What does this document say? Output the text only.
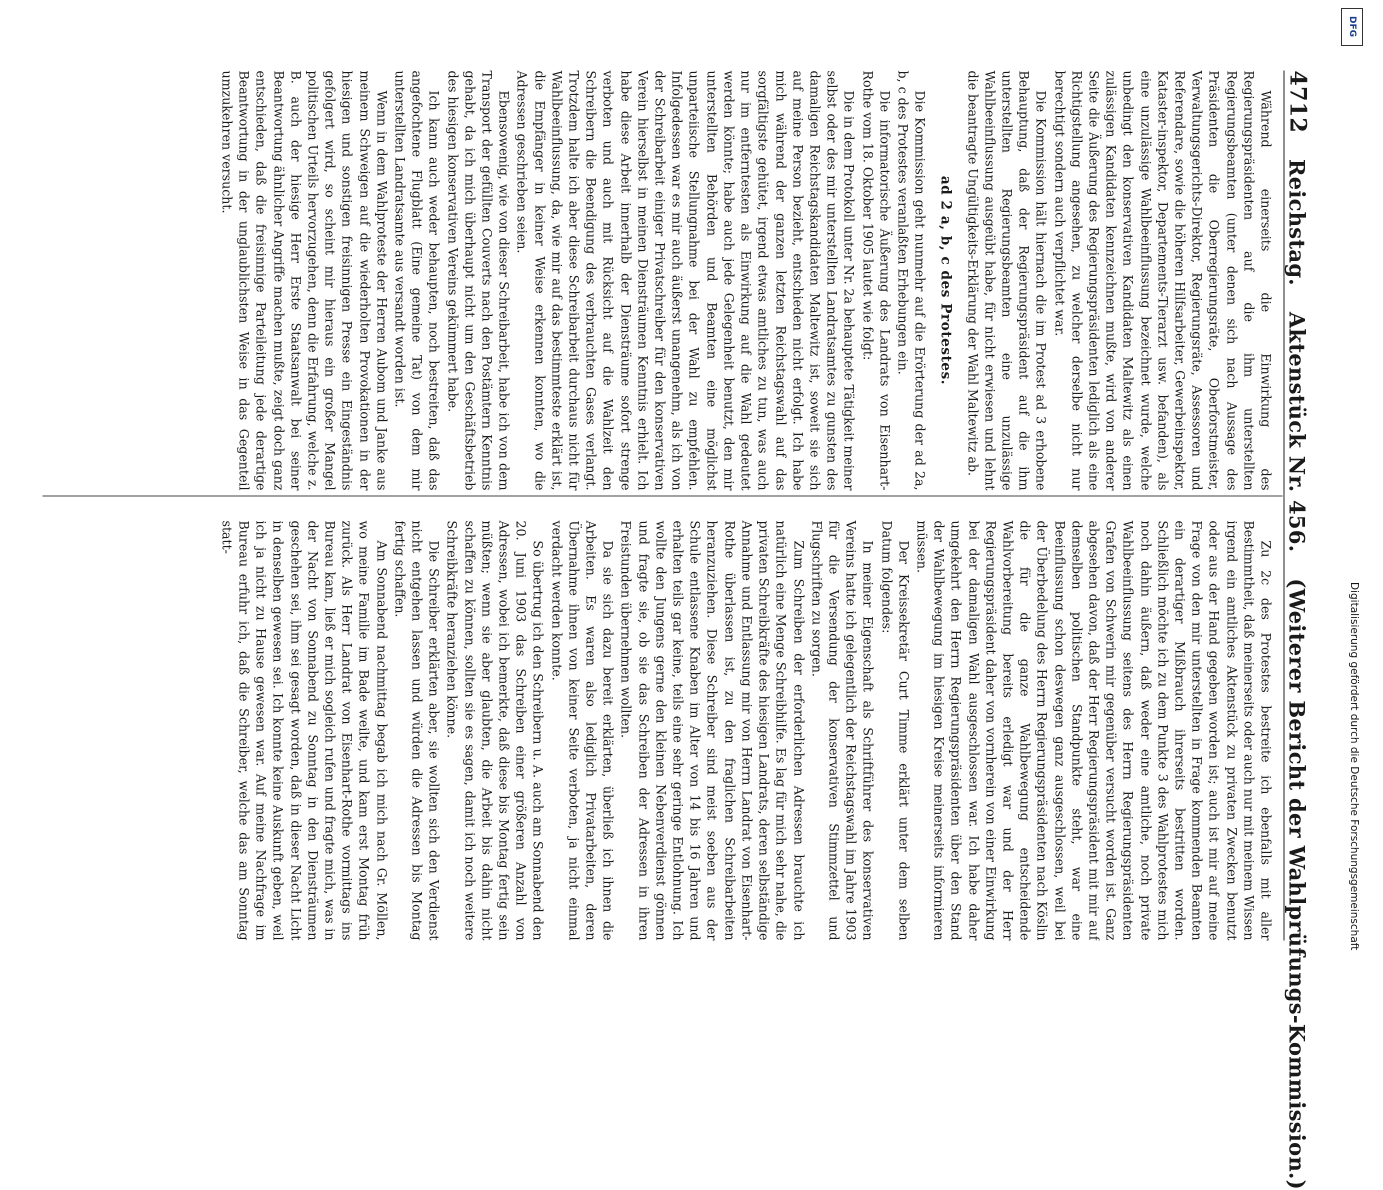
4712
Reichstag.
Aktenstück Nr. 456.
(Weiterer Bericht der Wahlprüfungs-Kommission.)

Während einerseits die Einwirkung des Regierungspräsidenten auf die ihm unterstellten Regierungsbeamten (unter denen sich nach Aussage des Präsidenten die Oberregierungsräte, Oberforstmeister, Verwaltungsgerichts-Direktor, Regierungsräte, Assessoren und Referendare, sowie die höheren Hilfsarbeiter, Gewerbeinspektor, Kataster-inspektor, Departements-Tierarzt usw. befanden), als eine unzulässige Wahlbeeinflussung bezeichnet wurde, welche unbedingt den konservativen Kandidaten Maltewitz als einen zulässigen Kandidaten kennzeichnen mußte, wird von anderer Seite die Äußerung des Regierungspräsidenten lediglich als eine Richtigstellung angesehen, zu welcher derselbe nicht nur berechtigt sondern auch verpflichtet war.

Die Kommission hält hiernach die im Protest ad 3 erhobene Behauptung, daß der Regierungspräsident auf die ihm unterstellten Regierungsbeamten eine unzulässige Wahlbeeinflussung ausgeübt habe, für nicht erwiesen und lehnt die beantragte Ungültigkeits-Erklärung der Wahl Maltewitz ab.

ad 2 a, b, c des Protestes.

Die Kommission geht nunmehr auf die Erörterung der ad 2a, b, c des Protestes veranlaßten Erhebungen ein.

Die informatorische Äußerung des Landrats von Eisenhart-Rothe vom 18. Oktober 1905 lautet wie folgt:

Die in dem Protokoll unter Nr. 2a behauptete Tätigkeit meiner selbst oder des mir unterstellten Landratsamtes zu gunsten des damaligen Reichstagskandidaten Maltewitz ist, soweit sie sich auf meine Person bezieht, entschieden nicht erfolgt. Ich habe mich während der ganzen letzten Reichstagswahl auf das sorgfältigste gehütet, irgend etwas amtliches zu tun, was auch nur im entferntesten als Einwirkung auf die Wahl gedeutet werden könnte; habe auch jede Gelegenheit benutzt, den mir unterstellten Behörden und Beamten eine möglichst unparteiische Stellungnahme bei der Wahl zu empfehlen. Infolgedessen war es mir auch äußerst unangenehm, als ich von der Schreibarbeit einiger Privatschreiber für den konservativen Verein hierselbst in meinen Diensträumen Kenntnis erhielt. Ich habe diese Arbeit innerhalb der Diensträume sofort strenge verboten und auch mit Rücksicht auf die Wahlzeit den Schreibern die Beendigung des verbrauchten Gases verlangt. Trotzdem halte ich aber diese Schreibarbeit durchaus nicht für Wahlbeeinflussung, da, wie mir auf das bestimmteste erklärt ist, die Empfänger in keiner Weise erkennen konnten, wo die Adressen geschrieben seien.

Ebensowenig, wie von dieser Schreibarbeit, habe ich von dem Transport der gefüllten Couverts nach den Postämtern Kenntnis gehabt, da ich mich überhaupt nicht um den Geschäftsbetrieb des hiesigen konservativen Vereins gekümmert habe.

Ich kann auch weder behaupten, noch bestreiten, daß das angefochtene Flugblatt (Eine gemeine Tat) von dem mir unterstellten Landratsamte aus versandt worden ist.

Wenn in dem Wahlproteste der Herren Aubom und Janke aus meinem Schweigen auf die wiederholten Provokationen in der hiesigen und sonstigen freisinnigen Presse ein Eingeständnis gefolgert wird, so scheint mir hieraus ein großer Mangel politischen Urteils hervorzugehen, denn die Erfahrung, welche z. B. auch der hiesige Herr Erste Staatsanwalt bei seiner Beantwortung ähnlicher Angriffe machen mußte, zeigt doch ganz entschieden, daß die freisinnige Parteileitung jede derartige Beantwortung in der unglaublichsten Weise in das Gegenteil umzukehren versucht.

Zu 2c des Protestes bestreite ich ebenfalls mit aller Bestimmtheit, daß meinerseits oder auch nur mit meinem Wissen irgend ein amtliches Aktenstück zu privaten Zwecken benutzt oder aus der Hand gegeben worden ist; auch ist mir auf meine Frage von den mir unterstellten in Frage kommenden Beamten ein derartiger Mißbrauch ihrerseits bestritten worden. Schließlich möchte ich zu dem Punkte 3 des Wahlprotestes mich noch dahin äußern, daß weder eine amtliche, noch private Wahlbeeinflussung seitens des Herrn Regierungspräsidenten Grafen von Schwerin mir gegenüber versucht worden ist. Ganz abgesehen davon, daß der Herr Regierungspräsident mit mir auf demselben politischen Standpunkte steht, war eine Beeinflussung schon deswegen ganz ausgeschlossen, weil bei der Überbedelung des Herrn Regierungspräsidenten nach Köslin die für die ganze Wahlbewegung entscheidende Wahlvorbereitung bereits erledigt war und der Herr Regierungspräsident daher von vornherein von einer Einwirkung bei der damaligen Wahl ausgeschlossen war. Ich habe daher umgekehrt den Herrn Regierungspräsidenten über den Stand der Wahlbewegung im hiesigen Kreise meinerseits informieren müssen.

Der Kreissekretär Curt Timme erklärt unter dem selben Datum folgendes:

In meiner Eigenschaft als Schriftführer des konservativen Vereins hatte ich gelegentlich der Reichstagswahl im Jahre 1903 für die Versendung der konservativen Stimmzettel und Flugschriften zu sorgen.

Zum Schreiben der erforderlichen Adressen brauchte ich natürlich eine Menge Schreibhilfe. Es lag für mich sehr nahe, die privaten Schreibkräfte des hiesigen Landrats, deren selbständige Annahme und Entlassung mir von Herrn Landrat von Eisenhart-Rothe überlassen ist, zu den fraglichen Schreibarbeiten heranzuziehen. Diese Schreiber sind meist soeben aus der Schule entlassene Knaben im Alter von 14 bis 16 Jahren und erhalten teils gar keine, teils eine sehr geringe Entlohnung. Ich wollte den Jungens gerne den kleinen Nebenverdienst gönnen und fragte sie, ob sie das Schreiben der Adressen in ihren Freistunden übernehmen wollten.

Da sie sich dazu bereit erklärten, überließ ich ihnen die Arbeiten. Es waren also lediglich Privatarbeiten, deren Übernahme ihnen von keiner Seite verboten, ja nicht einmal verdacht werden konnte.

So übertrug ich den Schreibern u. A. auch am Sonnabend den 20. Juni 1903 das Schreiben einer größeren Anzahl von Adressen, wobei ich bemerkte, daß diese bis Montag fertig sein müßten; wenn sie aber glaubten, die Arbeit bis dahin nicht schaffen zu können, sollten sie es sagen, damit ich noch weitere Schreibkräfte heranziehen könne.

Die Schreiber erklärten aber, sie wollten sich den Verdienst nicht entgehen lassen und würden die Adressen bis Montag fertig schaffen.

Am Sonnabend nachmittag begab ich mich nach Gr. Möllen, wo meine Familie im Bade weilte, und kam erst Montag früh zurück. Als Herr Landrat von Eisenhart-Rothe vormittags ins Bureau kam, ließ er mich sogleich rufen und fragte mich, was in der Nacht von Sonnabend zu Sonntag in den Diensträumen geschehen sei, ihm sei gesagt worden, daß in dieser Nacht Licht in denselben gewesen sei. Ich konnte keine Auskunft geben, weil ich ja nicht zu Hause gewesen war. Auf meine Nachfrage im Bureau erfuhr ich, daß die Schreiber, welche das am Sonntag statt-

DFG
Digitalisierung gefördert durch die Deutsche Forschungsgemeinschaft
